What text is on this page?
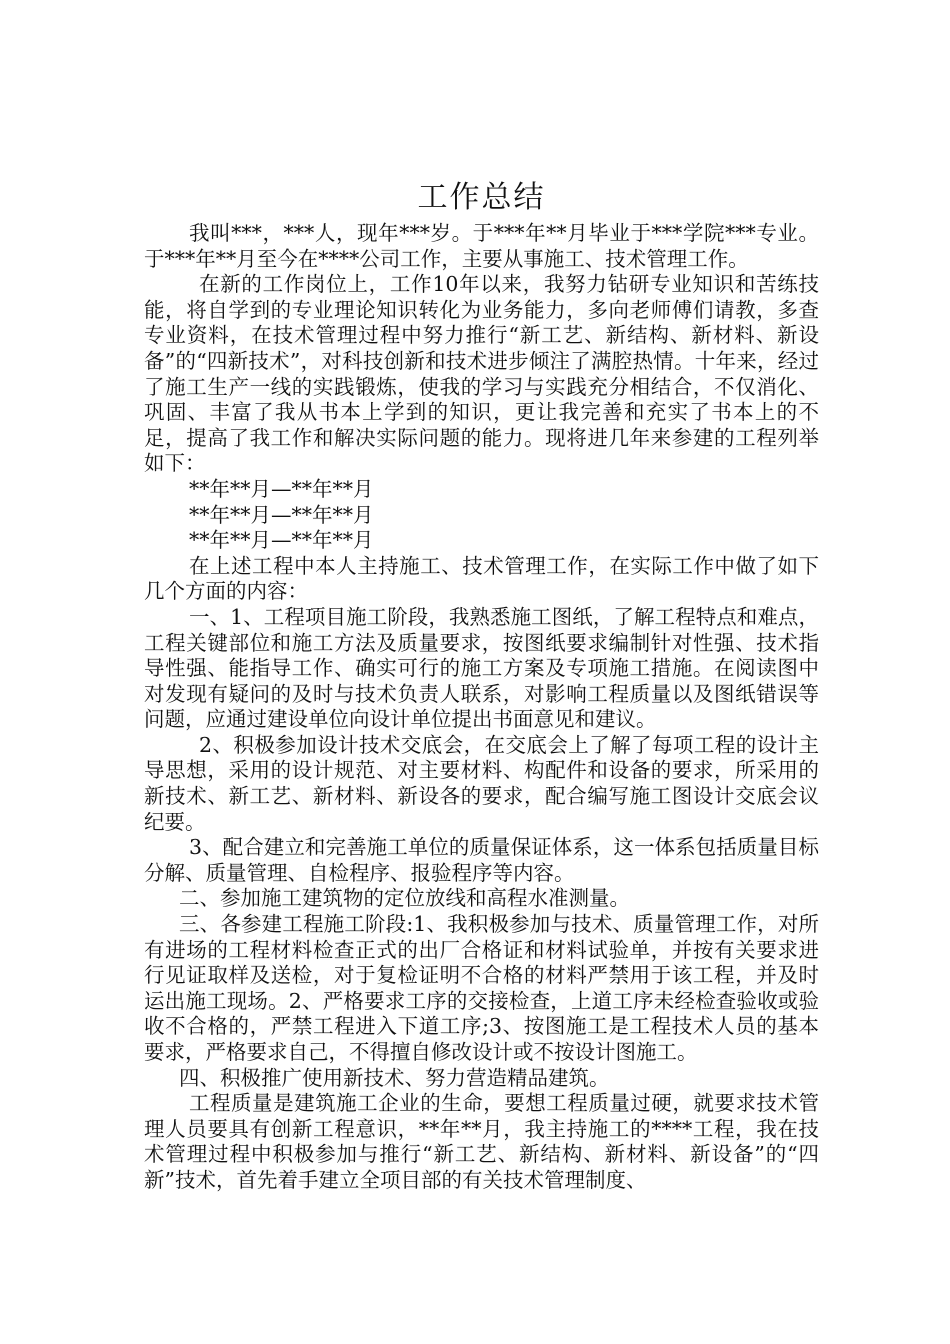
工作总结

我叫***，***人，现年***岁。于***年**月毕业于***学院***专业。于***年**月至今在****公司工作，主要从事施工、技术管理工作。

在新的工作岗位上，工作10年以来，我努力钻研专业知识和苦练技能，将自学到的专业理论知识转化为业务能力，多向老师傅们请教，多查专业资料，在技术管理过程中努力推行“新工艺、新结构、新材料、新设备”的“四新技术”，对科技创新和技术进步倾注了满腔热情。十年来，经过了施工生产一线的实践锻炼，使我的学习与实践充分相结合，不仅消化、巩固、丰富了我从书本上学到的知识，更让我完善和充实了书本上的不足，提高了我工作和解决实际问题的能力。现将进几年来参建的工程列举如下：

**年**月—**年**月

**年**月—**年**月

**年**月—**年**月

在上述工程中本人主持施工、技术管理工作，在实际工作中做了如下几个方面的内容：

一、1、工程项目施工阶段，我熟悉施工图纸，了解工程特点和难点，工程关键部位和施工方法及质量要求，按图纸要求编制针对性强、技术指导性强、能指导工作、确实可行的施工方案及专项施工措施。在阅读图中对发现有疑问的及时与技术负责人联系，对影响工程质量以及图纸错误等问题，应通过建设单位向设计单位提出书面意见和建议。

2、积极参加设计技术交底会，在交底会上了解了每项工程的设计主导思想，采用的设计规范、对主要材料、构配件和设备的要求，所采用的新技术、新工艺、新材料、新设各的要求，配合编写施工图设计交底会议纪要。

3、配合建立和完善施工单位的质量保证体系，这一体系包括质量目标分解、质量管理、自检程序、报验程序等内容。

二、参加施工建筑物的定位放线和高程水准测量。

三、各参建工程施工阶段:1、我积极参加与技术、质量管理工作，对所有进场的工程材料检查正式的出厂合格证和材料试验单，并按有关要求进行见证取样及送检，对于复检证明不合格的材料严禁用于该工程，并及时运出施工现场。2、严格要求工序的交接检查，上道工序未经检查验收或验收不合格的，严禁工程进入下道工序;3、按图施工是工程技术人员的基本要求，严格要求自己，不得擅自修改设计或不按设计图施工。

四、积极推广使用新技术、努力营造精品建筑。

工程质量是建筑施工企业的生命，要想工程质量过硬，就要求技术管理人员要具有创新工程意识，**年**月，我主持施工的****工程，我在技术管理过程中积极参加与推行“新工艺、新结构、新材料、新设备”的“四新”技术，首先着手建立全项目部的有关技术管理制度、
